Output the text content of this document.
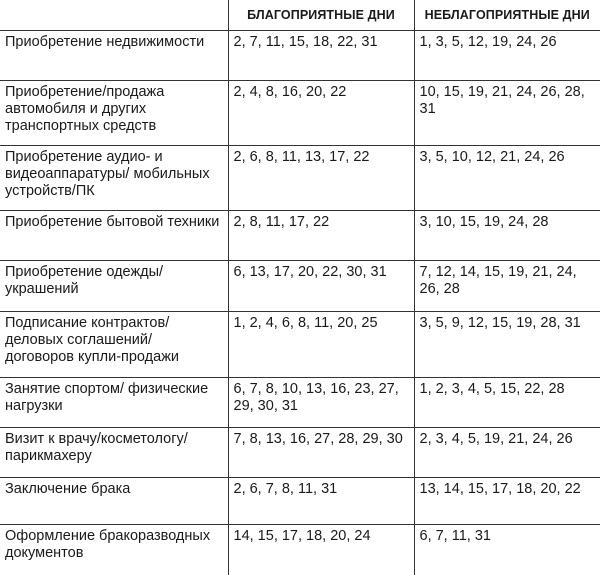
	БЛАГОПРИЯТНЫЕ ДНИ	НЕБЛАГОПРИЯТНЫЕ ДНИ

Приобретение недвижимости	2, 7, 11, 15, 18, 22, 31	1, 3, 5, 12, 19, 24, 26

Приобретение/продажа автомобиля и других транспортных средств	2, 4, 8, 16, 20, 22	10, 15, 19, 21, 24, 26, 28, 31

Приобретение аудио- и видеоаппаратуры/ мобильных устройств/ПК	2, 6, 8, 11, 13, 17, 22	3, 5, 10, 12, 21, 24, 26

Приобретение бытовой техники	2, 8, 11, 17, 22	3, 10, 15, 19, 24, 28

Приобретение одежды/ украшений	6, 13, 17, 20, 22, 30, 31	7, 12, 14, 15, 19, 21, 24, 26, 28

Подписание контрактов/ деловых соглашений/ договоров купли-продажи	1, 2, 4, 6, 8, 11, 20, 25	3, 5, 9, 12, 15, 19, 28, 31

Занятие спортом/ физические нагрузки	6, 7, 8, 10, 13, 16, 23, 27, 29, 30, 31	1, 2, 3, 4, 5, 15, 22, 28

Визит к врачу/косметологу/ парикмахеру	7, 8, 13, 16, 27, 28, 29, 30	2, 3, 4, 5, 19, 21, 24, 26

Заключение брака	2, 6, 7, 8, 11, 31	13, 14, 15, 17, 18, 20, 22

Оформление бракоразводных документов	14, 15, 17, 18, 20, 24	6, 7, 11, 31
